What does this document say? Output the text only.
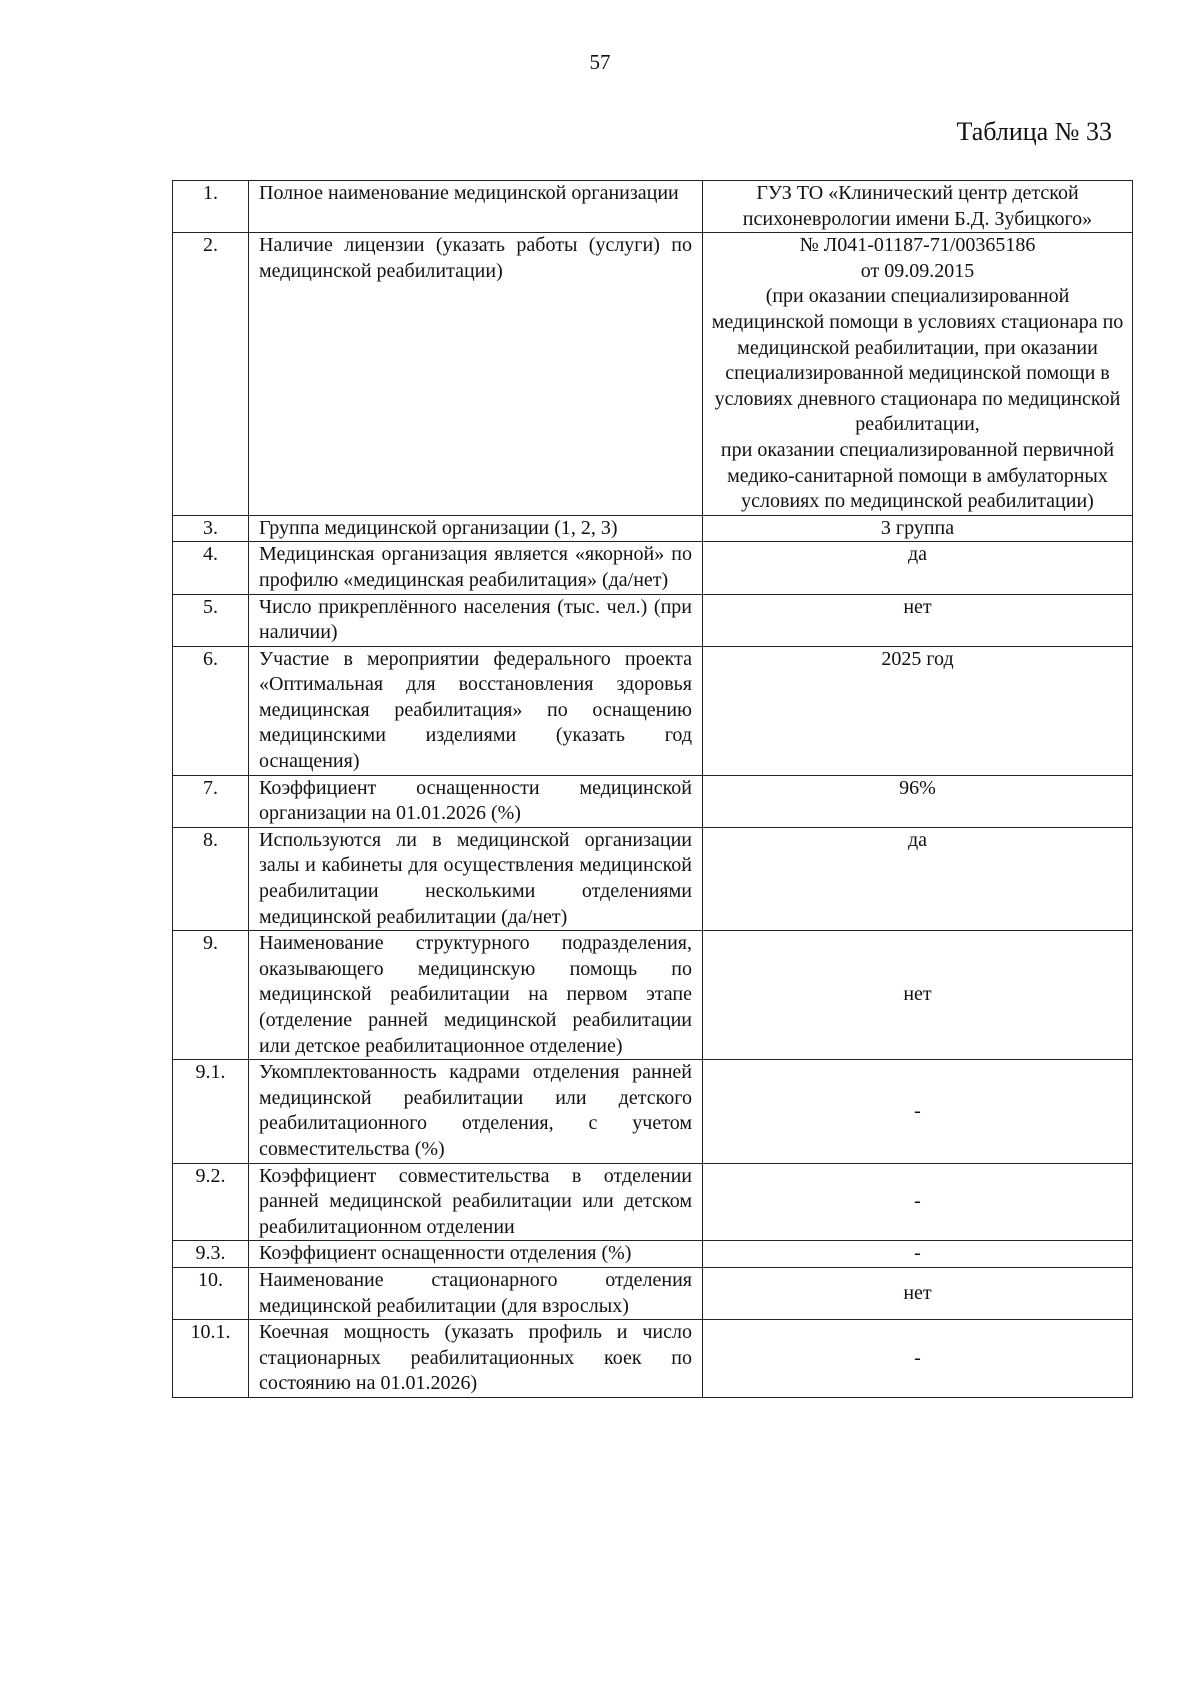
57
Таблица № 33
1.	Полное наименование медицинской организации	ГУЗ ТО «Клинический центр детской психоневрологии имени Б.Д. Зубицкого»

2.	Наличие лицензии (указать работы (услуги) по медицинской реабилитации)	№ Л041-01187-71/00365186
от 09.09.2015
(при оказании специализированной медицинской помощи в условиях стационара по медицинской реабилитации, при оказании специализированной медицинской помощи в условиях дневного стационара по медицинской реабилитации,
при оказании специализированной первичной медико-санитарной помощи в амбулаторных условиях по медицинской реабилитации)

3.	Группа медицинской организации (1, 2, 3)	3 группа

4.	Медицинская организация является «якорной» по профилю «медицинская реабилитация» (да/нет)	да

5.	Число прикреплённого населения (тыс. чел.) (при наличии)	нет

6.	Участие в мероприятии федерального проекта «Оптимальная для восстановления здоровья медицинская реабилитация» по оснащению медицинскими изделиями (указать год оснащения)	2025 год

7.	Коэффициент оснащенности медицинской организации на 01.01.2026 (%)	96%

8.	Используются ли в медицинской организации залы и кабинеты для осуществления медицинской реабилитации несколькими отделениями медицинской реабилитации (да/нет)	да

9.	Наименование структурного подразделения, оказывающего медицинскую помощь по медицинской реабилитации на первом этапе (отделение ранней медицинской реабилитации или детское реабилитационное отделение)	нет

9.1.	Укомплектованность кадрами отделения ранней медицинской реабилитации или детского реабилитационного отделения, с учетом совместительства (%)	-

9.2.	Коэффициент совместительства в отделении ранней медицинской реабилитации или детском реабилитационном отделении	-

9.3.	Коэффициент оснащенности отделения (%)	-

10.	Наименование стационарного отделения медицинской реабилитации (для взрослых)	нет

10.1.	Коечная мощность (указать профиль и число стационарных реабилитационных коек по состоянию на 01.01.2026)	-
